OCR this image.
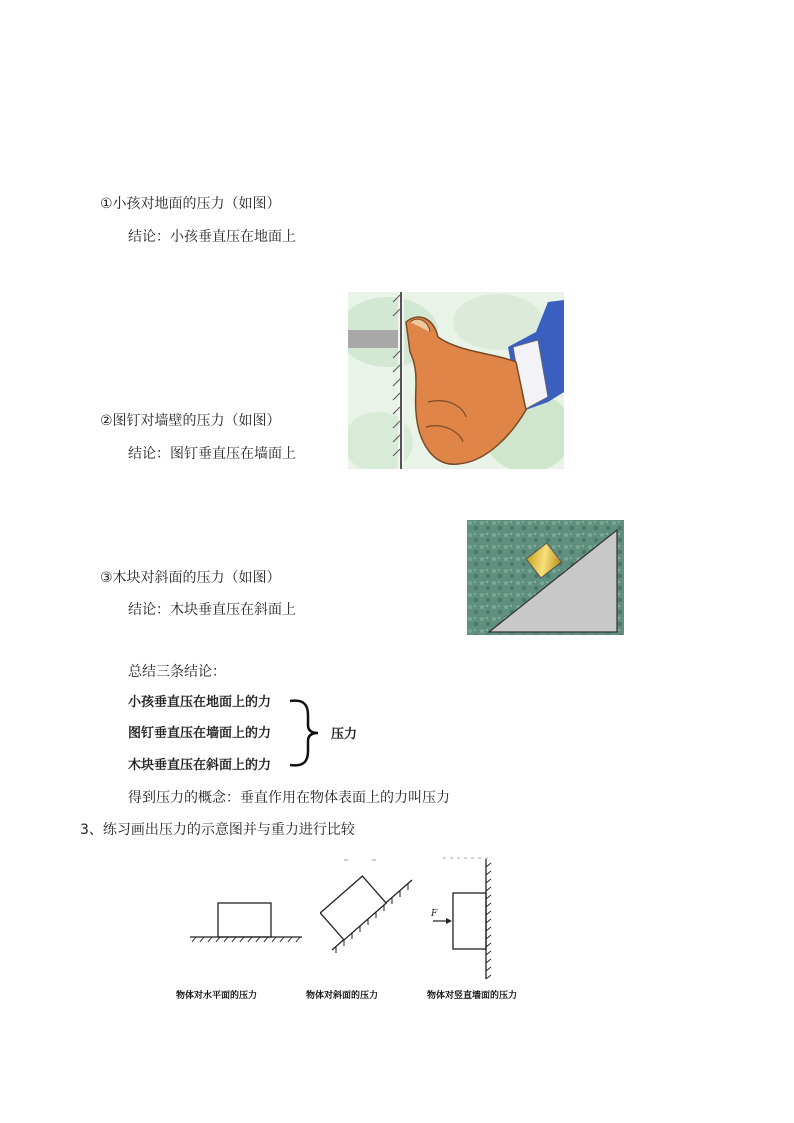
①小孩对地面的压力（如图）
结论：小孩垂直压在地面上
②图钉对墙壁的压力（如图）
结论：图钉垂直压在墙面上
③木块对斜面的压力（如图）
结论：木块垂直压在斜面上
总结三条结论：
小孩垂直压在地面上的力
图钉垂直压在墙面上的力
木块垂直压在斜面上的力
压力
得到压力的概念：垂直作用在物体表面上的力叫压力
3、练习画出压力的示意图并与重力进行比较
F
物体对水平面的压力	物体对斜面的压力	物体对竖直墙面的压力
